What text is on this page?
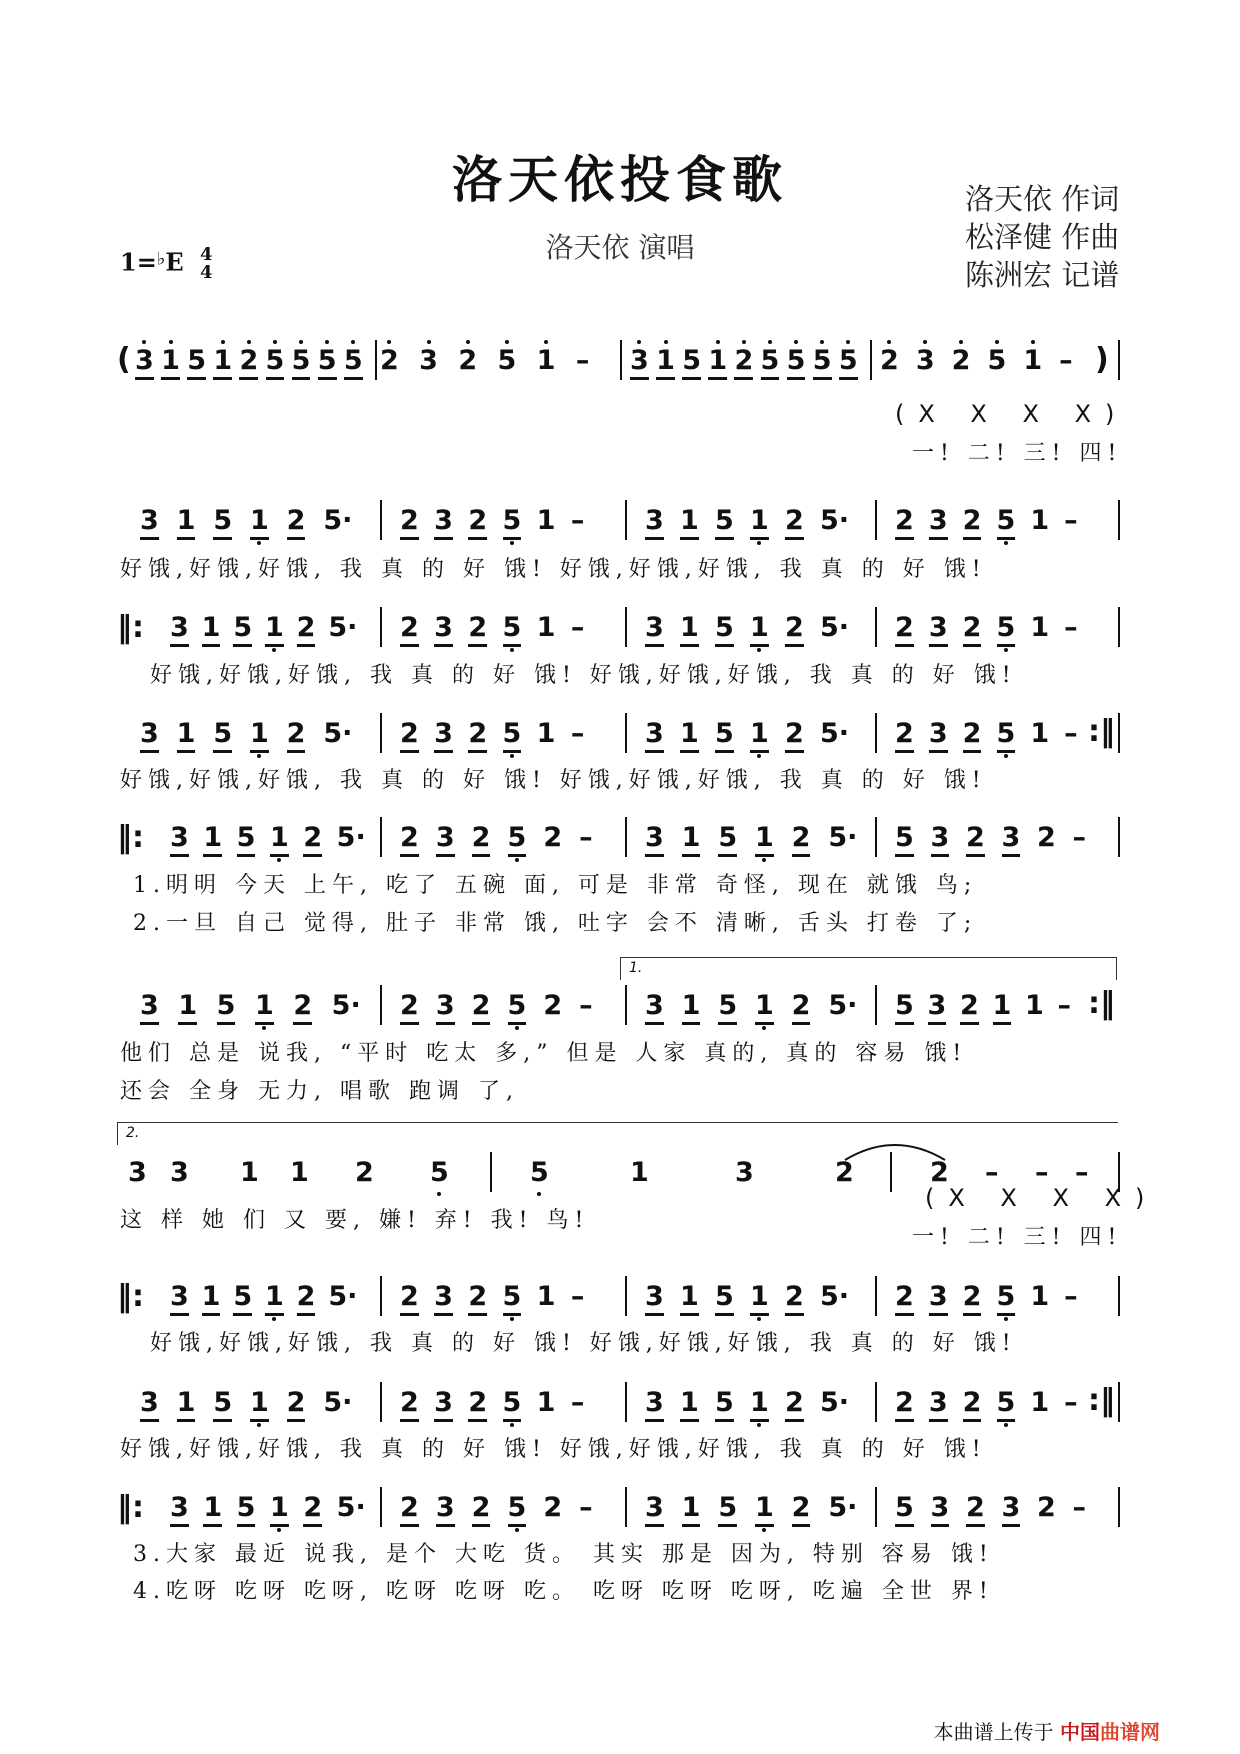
洛天依投食歌
洛天依 演唱
洛天依 作词
松泽健 作曲
陈洲宏 记谱
1=♭E 4
4
( 3 1 5 1 2 5 5 5 5 2 3 2 5 1 – 3 1 5 1 2 5 5 5 5 2 3 2 5 1 – )
3 1 5 1 2 5· 2 3 2 5 1 – 3 1 5 1 2 5· 2 3 2 5 1 –
‖: 3 1 5 1 2 5· 2 3 2 5 1 – 3 1 5 1 2 5· 2 3 2 5 1 –
3 1 5 1 2 5· 2 3 2 5 1 – 3 1 5 1 2 5· 2 3 2 5 1 – :‖
‖: 3 1 5 1 2 5· 2 3 2 5 2 – 3 1 5 1 2 5· 5 3 2 3 2 –
3 1 5 1 2 5· 2 3 2 5 2 – 3 1 5 1 2 5· 5 3 2 1 1 – :‖
3 3 1 1 2 5	5	1	3	2	2 – – –
‖: 3 1 5 1 2 5· 2 3 2 5 1 – 3 1 5 1 2 5· 2 3 2 5 1 –
3 1 5 1 2 5· 2 3 2 5 1 – 3 1 5 1 2 5· 2 3 2 5 1 – :‖
‖: 3 1 5 1 2 5· 2 3 2 5 2 – 3 1 5 1 2 5· 5 3 2 3 2 –
好饿,好饿,好饿, 我 真 的 好 饿! 好饿,好饿,好饿, 我 真 的 好 饿!
好饿,好饿,好饿, 我 真 的 好 饿! 好饿,好饿,好饿, 我 真 的 好 饿!
好饿,好饿,好饿, 我 真 的 好 饿! 好饿,好饿,好饿, 我 真 的 好 饿!
1.明明 今天 上午, 吃了 五碗 面, 可是 非常 奇怪, 现在 就饿 鸟;
2.一旦 自己 觉得, 肚子 非常 饿, 吐字 会不 清晰, 舌头 打卷 了;
他们 总是 说我, “平时 吃太 多,” 但是 人家 真的, 真的 容易 饿!
还会 全身 无力, 唱歌 跑调 了,
这 样 她 们 又 要, 嫌! 弃! 我! 鸟!
(X X X X)
一! 二! 三! 四!
好饿,好饿,好饿, 我 真 的 好 饿! 好饿,好饿,好饿, 我 真 的 好 饿!
好饿,好饿,好饿, 我 真 的 好 饿! 好饿,好饿,好饿, 我 真 的 好 饿!
3.大家 最近 说我, 是个 大吃 货。 其实 那是 因为, 特别 容易 饿!
4.吃呀 吃呀 吃呀, 吃呀 吃呀 吃。 吃呀 吃呀 吃呀, 吃遍 全世 界!
(X X X X)
一! 二! 三! 四!
1.
2.
本曲谱上传于 中国曲谱网
